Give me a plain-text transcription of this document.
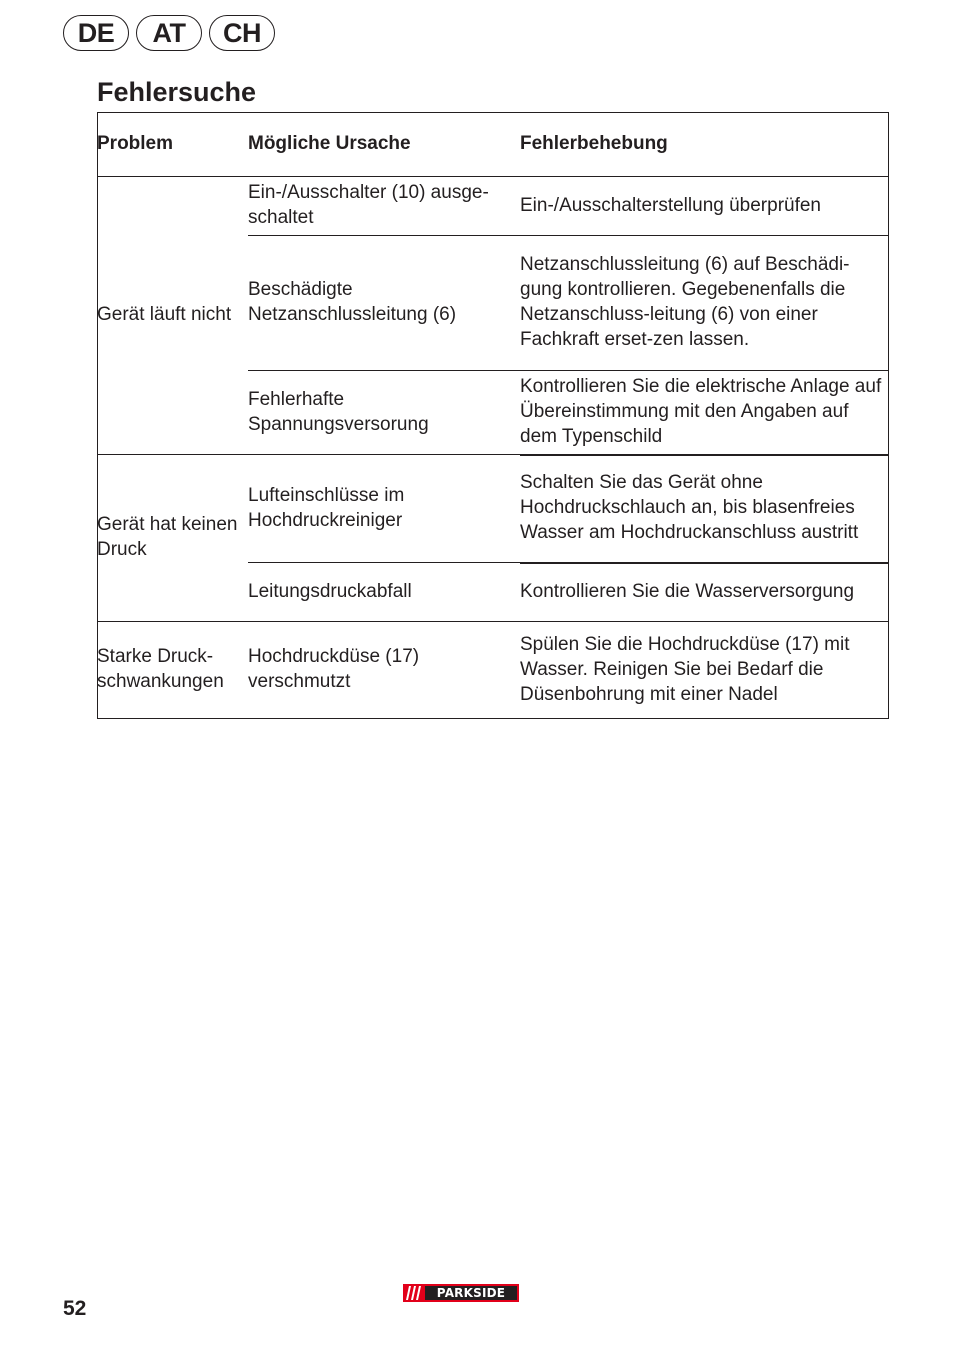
DE	AT	CH
Fehlersuche
Problem	Mögliche Ursache	Fehlerbehebung
Gerät läuft nicht	Ein-/Ausschalter (10) ausge-schaltet	Ein-/Ausschalterstellung überprüfen
	Beschädigte Netzanschlussleitung (6)	Netzanschlussleitung (6) auf Beschädi-gung kontrollieren. Gegebenenfalls die Netzanschluss-leitung (6) von einer Fachkraft erset-zen lassen.
	Fehlerhafte Spannungsversorung	Kontrollieren Sie die elektrische Anlage auf Übereinstimmung mit den Angaben auf dem Typenschild
Gerät hat keinen Druck	Lufteinschlüsse im Hochdruckreiniger	Schalten Sie das Gerät ohne Hochdruckschlauch an, bis blasenfreies Wasser am Hochdruckanschluss austritt
	Leitungsdruckabfall	Kontrollieren Sie die Wasserversorgung
Starke Druck-schwankungen	Hochdruckdüse (17) verschmutzt	Spülen Sie die Hochdruckdüse (17) mit Wasser. Reinigen Sie bei Bedarf die Düsenbohrung mit einer Nadel
52
PARKSIDE
